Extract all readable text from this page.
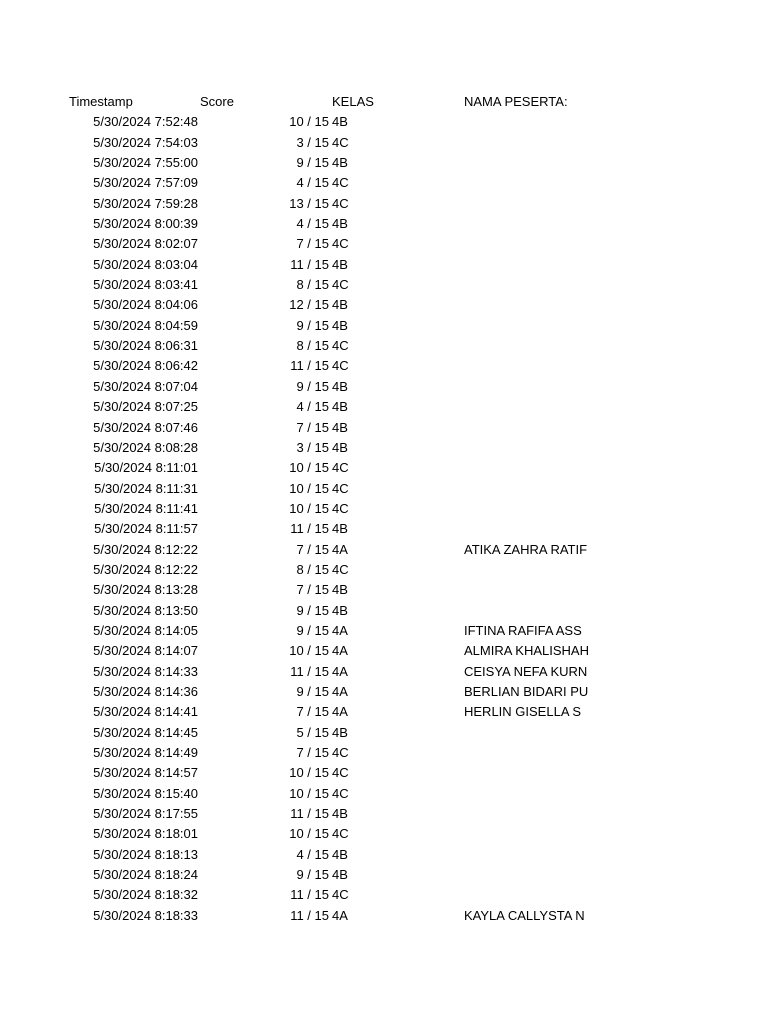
Timestamp	Score	KELAS	NAMA PESERTA:
5/30/2024 7:52:48	10 / 15 4B
5/30/2024 7:54:03	3 / 15 4C
5/30/2024 7:55:00	9 / 15 4B
5/30/2024 7:57:09	4 / 15 4C
5/30/2024 7:59:28	13 / 15 4C
5/30/2024 8:00:39	4 / 15 4B
5/30/2024 8:02:07	7 / 15 4C
5/30/2024 8:03:04	11 / 15 4B
5/30/2024 8:03:41	8 / 15 4C
5/30/2024 8:04:06	12 / 15 4B
5/30/2024 8:04:59	9 / 15 4B
5/30/2024 8:06:31	8 / 15 4C
5/30/2024 8:06:42	11 / 15 4C
5/30/2024 8:07:04	9 / 15 4B
5/30/2024 8:07:25	4 / 15 4B
5/30/2024 8:07:46	7 / 15 4B
5/30/2024 8:08:28	3 / 15 4B
5/30/2024 8:11:01	10 / 15 4C
5/30/2024 8:11:31	10 / 15 4C
5/30/2024 8:11:41	10 / 15 4C
5/30/2024 8:11:57	11 / 15 4B
5/30/2024 8:12:22	7 / 15 4A	ATIKA ZAHRA RATIF
5/30/2024 8:12:22	8 / 15 4C
5/30/2024 8:13:28	7 / 15 4B
5/30/2024 8:13:50	9 / 15 4B
5/30/2024 8:14:05	9 / 15 4A	IFTINA RAFIFA ASS
5/30/2024 8:14:07	10 / 15 4A	ALMIRA KHALISHAH
5/30/2024 8:14:33	11 / 15 4A	CEISYA NEFA KURN
5/30/2024 8:14:36	9 / 15 4A	BERLIAN BIDARI PU
5/30/2024 8:14:41	7 / 15 4A	HERLIN GISELLA S
5/30/2024 8:14:45	5 / 15 4B
5/30/2024 8:14:49	7 / 15 4C
5/30/2024 8:14:57	10 / 15 4C
5/30/2024 8:15:40	10 / 15 4C
5/30/2024 8:17:55	11 / 15 4B
5/30/2024 8:18:01	10 / 15 4C
5/30/2024 8:18:13	4 / 15 4B
5/30/2024 8:18:24	9 / 15 4B
5/30/2024 8:18:32	11 / 15 4C
5/30/2024 8:18:33	11 / 15 4A	KAYLA CALLYSTA N
